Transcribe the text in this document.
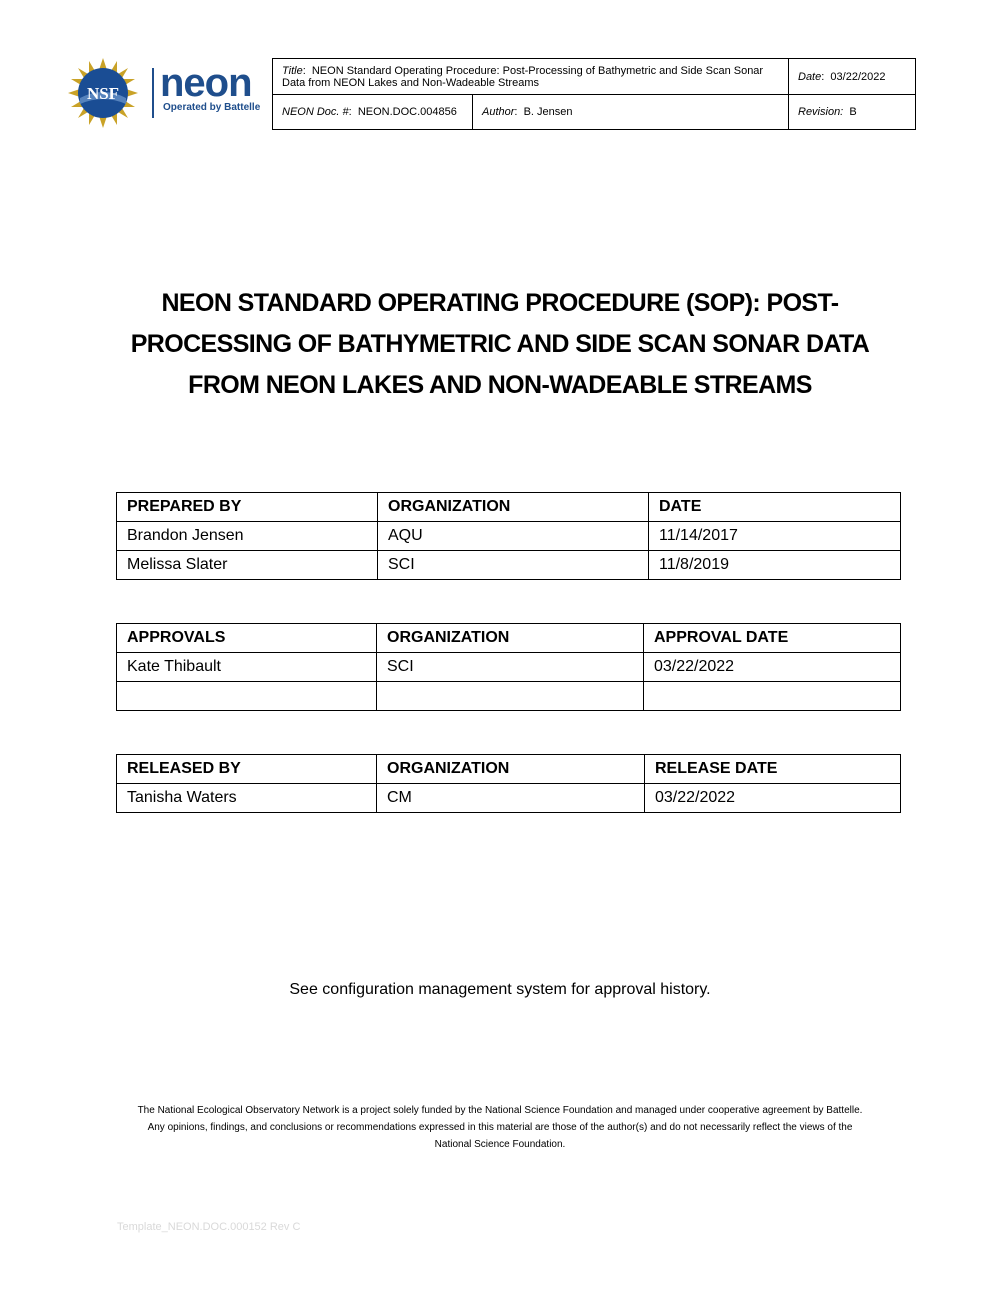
NSF neon
Operated by Battelle
Title:  NEON Standard Operating Procedure: Post-Processing of Bathymetric and Side Scan Sonar Data from NEON Lakes and Non-Wadeable Streams		Date:  03/22/2022
NEON Doc. #:  NEON.DOC.004856	Author:  B. Jensen	Revision: B
NEON STANDARD OPERATING PROCEDURE (SOP): POST-
PROCESSING OF BATHYMETRIC AND SIDE SCAN SONAR DATA
FROM NEON LAKES AND NON-WADEABLE STREAMS
PREPARED BY	ORGANIZATION	DATE
Brandon Jensen	AQU	11/14/2017
Melissa Slater	SCI	11/8/2019
APPROVALS	ORGANIZATION	APPROVAL DATE
Kate Thibault	SCI	03/22/2022

RELEASED BY	ORGANIZATION	RELEASE DATE
Tanisha Waters	CM	03/22/2022
See configuration management system for approval history.
The National Ecological Observatory Network is a project solely funded by the National Science Foundation and managed under cooperative agreement by Battelle.
Any opinions, findings, and conclusions or recommendations expressed in this material are those of the author(s) and do not necessarily reflect the views of the
National Science Foundation.
Template_NEON.DOC.000152 Rev C
